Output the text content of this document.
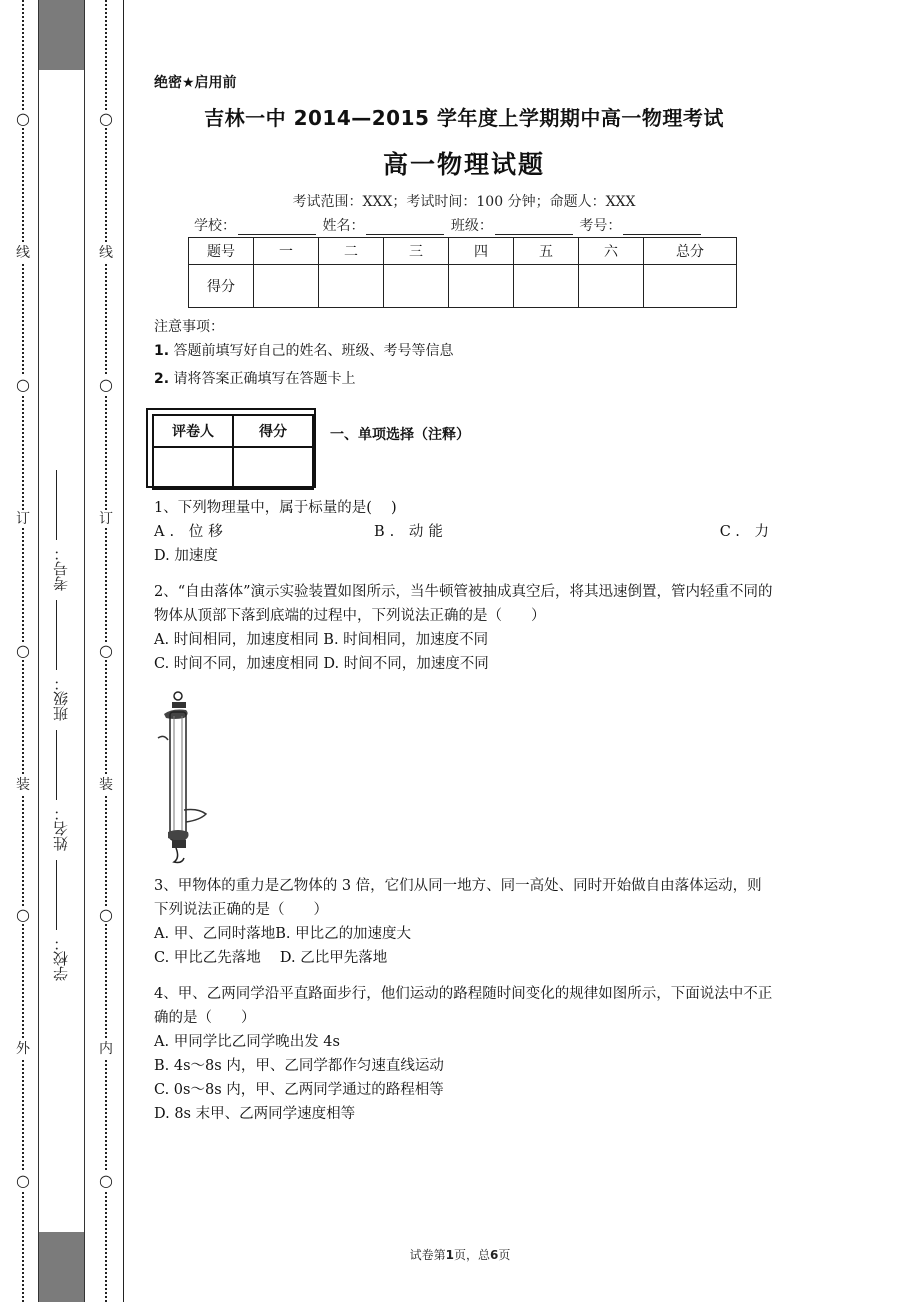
○
线
○
订
○
装
○
外
○
考号：
班级：
姓名：
学校：
○
线
○
订
○
装
○
内
○

绝密★启用前

吉林一中 2014—2015 学年度上学期期中高一物理考试

高一物理试题

考试范围：XXX；考试时间：100 分钟；命题人：XXX

学校：	姓名：	班级：	考号：

题号	一	二	三	四	五	六	总分
得分							

注意事项：

1. 答题前填写好自己的姓名、班级、考号等信息

2. 请将答案正确填写在答题卡上

评卷人	得分
		一、单项选择（注释）

1、下列物理量中，属于标量的是(　 )

A. 位移	B. 动能	C. 力

D. 加速度

2、“自由落体”演示实验装置如图所示，当牛顿管被抽成真空后，将其迅速倒置，管内轻重不同的物体从顶部下落到底端的过程中，下列说法正确的是（　　）

A. 时间相同，加速度相同 B. 时间相同，加速度不同

C. 时间不同，加速度相同 D. 时间不同，加速度不同

3、甲物体的重力是乙物体的 3 倍，它们从同一地方、同一高处、同时开始做自由落体运动，则下列说法正确的是（　　）

A. 甲、乙同时落地B. 甲比乙的加速度大

C. 甲比乙先落地　 D. 乙比甲先落地

4、甲、乙两同学沿平直路面步行，他们运动的路程随时间变化的规律如图所示，下面说法中不正确的是（　　）

A. 甲同学比乙同学晚出发 4s

B. 4s～8s 内，甲、乙同学都作匀速直线运动

C. 0s～8s 内，甲、乙两同学通过的路程相等

D. 8s 末甲、乙两同学速度相等

试卷第1页，总6页
